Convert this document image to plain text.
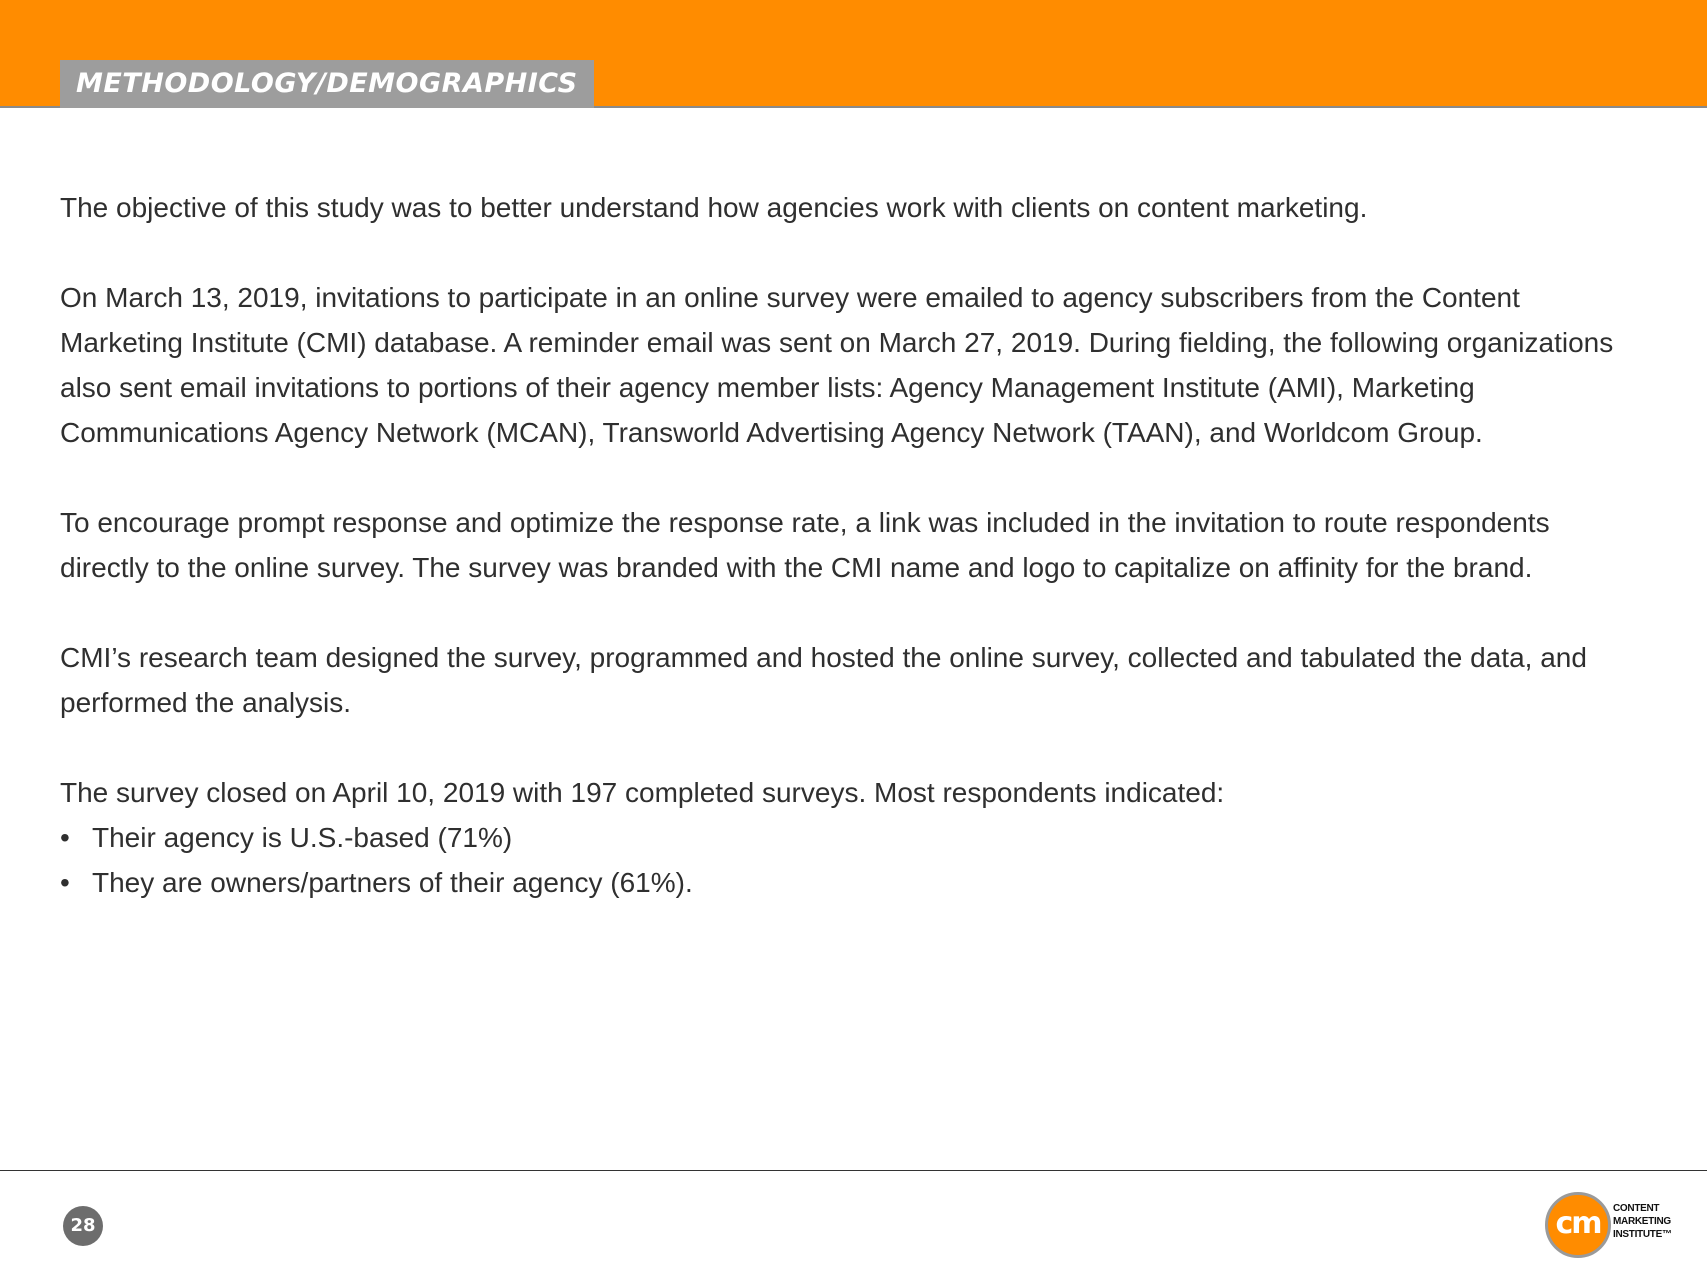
METHODOLOGY/DEMOGRAPHICS

The objective of this study was to better understand how agencies work with clients on content marketing.

On March 13, 2019, invitations to participate in an online survey were emailed to agency subscribers from the Content Marketing Institute (CMI) database. A reminder email was sent on March 27, 2019. During fielding, the following organizations also sent email invitations to portions of their agency member lists: Agency Management Institute (AMI), Marketing Communications Agency Network (MCAN), Transworld Advertising Agency Network (TAAN), and Worldcom Group.

To encourage prompt response and optimize the response rate, a link was included in the invitation to route respondents directly to the online survey. The survey was branded with the CMI name and logo to capitalize on affinity for the brand.

CMI’s research team designed the survey, programmed and hosted the online survey, collected and tabulated the data, and performed the analysis.

The survey closed on April 10, 2019 with 197 completed surveys. Most respondents indicated:

• Their agency is U.S.-based (71%)
• They are owners/partners of their agency (61%).
28	cm	CONTENT
MARKETING
INSTITUTE™
